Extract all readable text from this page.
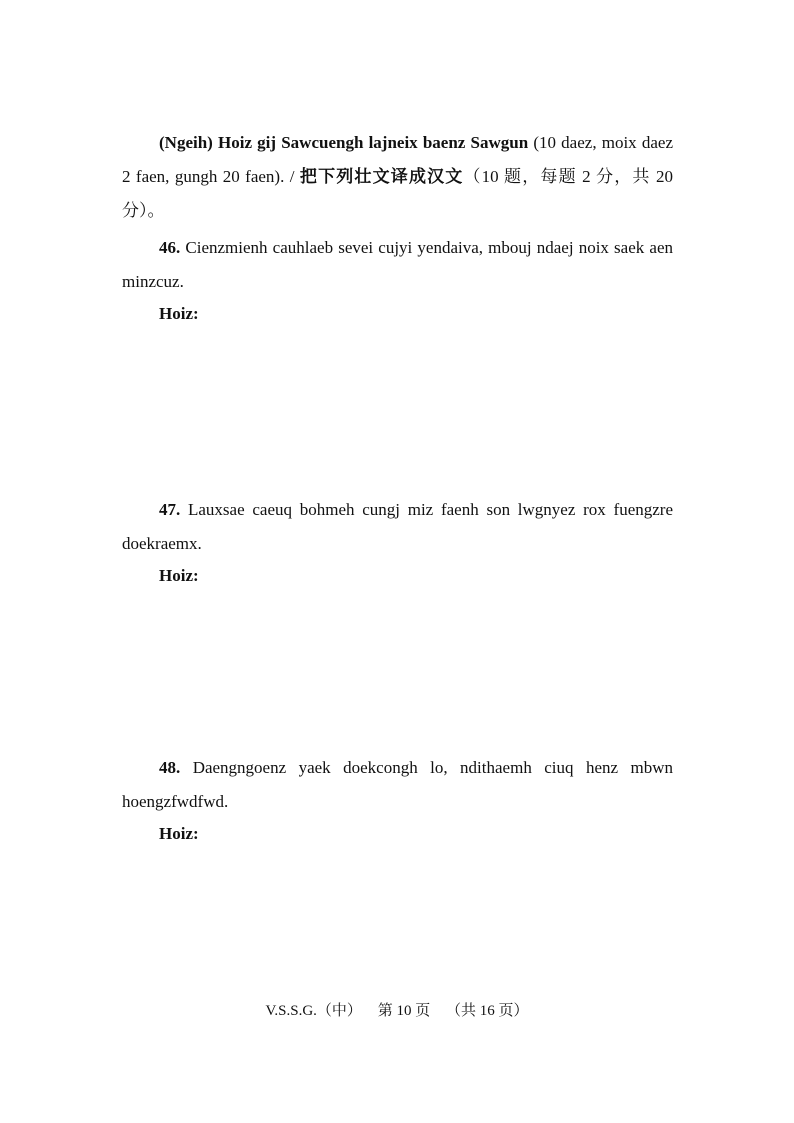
(Ngeih) Hoiz gij Sawcuengh lajneix baenz Sawgun (10 daez, moix daez 2 faen, gungh 20 faen). / 把下列壮文译成汉文（10 题，每题 2 分，共 20 分）。

46. Cienzmienh cauhlaeb sevei cujyi yendaiva, mbouj ndaej noix saek aen minzcuz.

Hoiz:

47. Lauxsae caeuq bohmeh cungj miz faenh son lwgnyez rox fuengzre doekraemx.

Hoiz:

48. Daengngoenz yaek doekcongh lo, ndithaemh ciuq henz mbwn hoengzfwdfwd.

Hoiz:
V.S.S.G.（中） 第 10 页 （共 16 页）
